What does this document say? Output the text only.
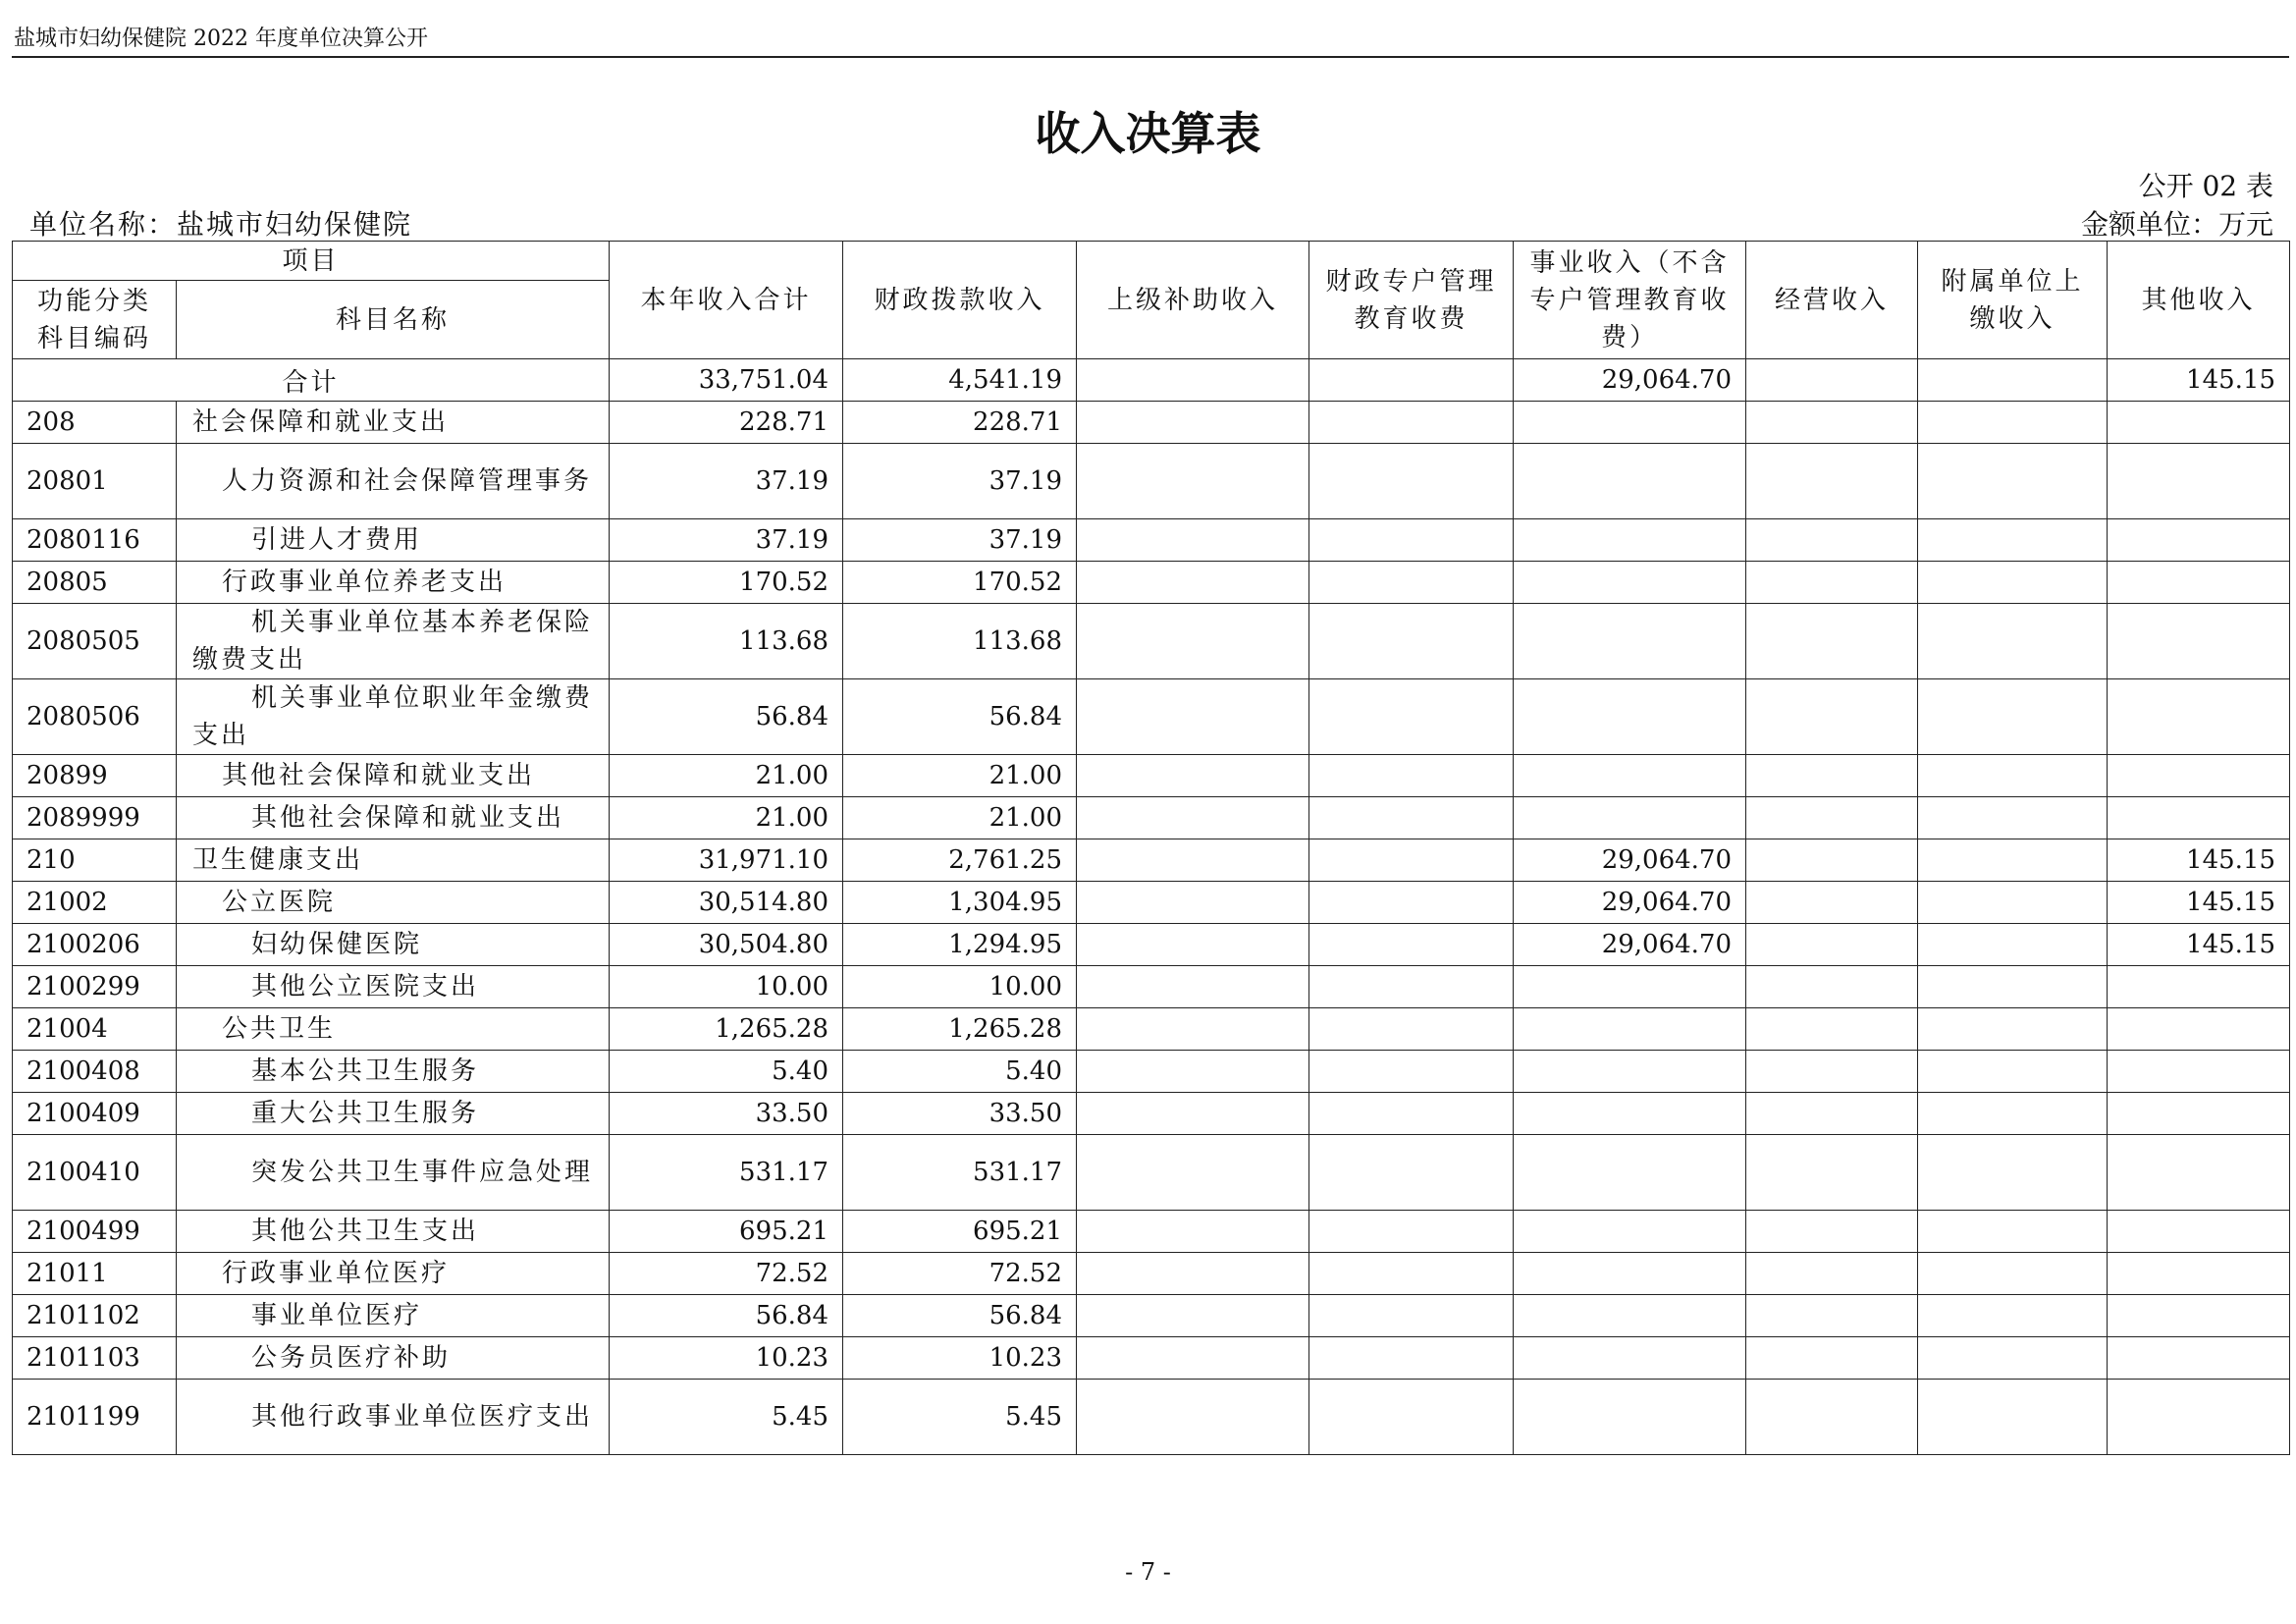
盐城市妇幼保健院 2022 年度单位决算公开
收入决算表
公开 02 表
单位名称：盐城市妇幼保健院	金额单位：万元
项目		本年收入合计	财政拨款收入	上级补助收入	财政专户管理教育收费	事业收入（不含专户管理教育收费）	经营收入	附属单位上缴收入	其他收入
功能分类科目编码	科目名称								
合计		33,751.04	4,541.19			29,064.70			145.15
208	社会保障和就业支出	228.71	228.71						
20801	人力资源和社会保障管理事务	37.19	37.19						
2080116	引进人才费用	37.19	37.19						
20805	行政事业单位养老支出	170.52	170.52						
2080505	机关事业单位基本养老保险缴费支出	113.68	113.68						
2080506	机关事业单位职业年金缴费支出	56.84	56.84						
20899	其他社会保障和就业支出	21.00	21.00						
2089999	其他社会保障和就业支出	21.00	21.00						
210	卫生健康支出	31,971.10	2,761.25			29,064.70			145.15
21002	公立医院	30,514.80	1,304.95			29,064.70			145.15
2100206	妇幼保健医院	30,504.80	1,294.95			29,064.70			145.15
2100299	其他公立医院支出	10.00	10.00						
21004	公共卫生	1,265.28	1,265.28						
2100408	基本公共卫生服务	5.40	5.40						
2100409	重大公共卫生服务	33.50	33.50						
2100410	突发公共卫生事件应急处理	531.17	531.17						
2100499	其他公共卫生支出	695.21	695.21						
21011	行政事业单位医疗	72.52	72.52						
2101102	事业单位医疗	56.84	56.84						
2101103	公务员医疗补助	10.23	10.23						
2101199	其他行政事业单位医疗支出	5.45	5.45						
- 7 -
